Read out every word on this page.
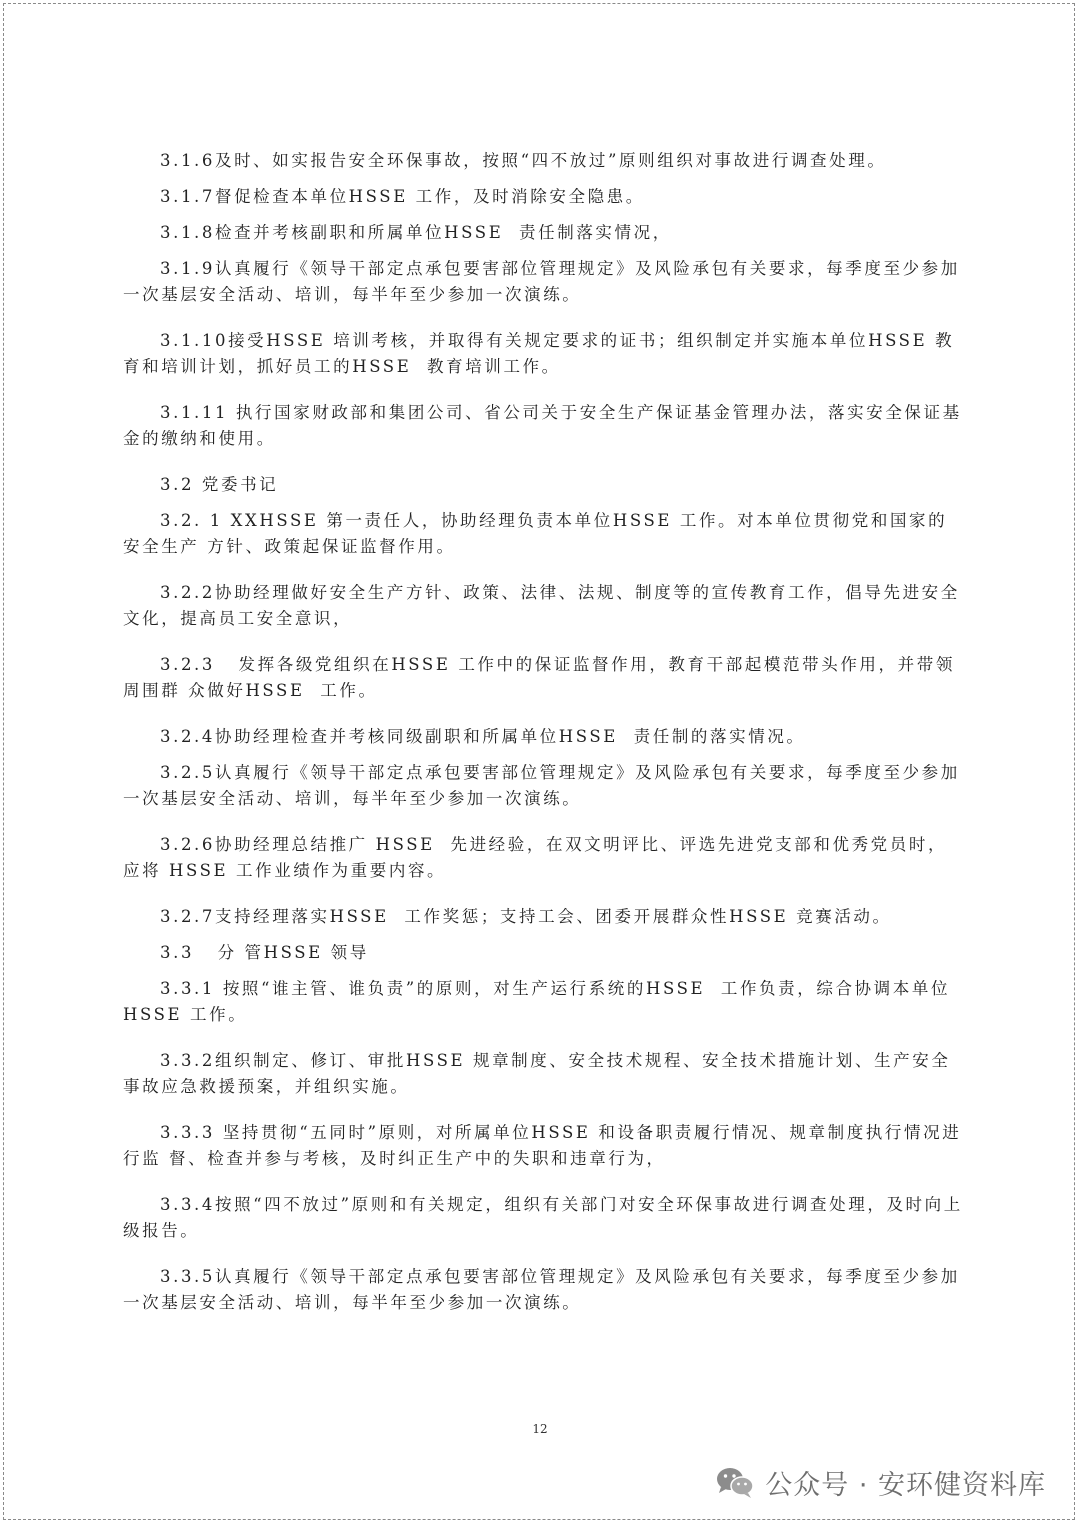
3.1.6及时、如实报告安全环保事故，按照“四不放过”原则组织对事故进行调查处理。

3.1.7督促检查本单位HSSE 工作，及时消除安全隐患。

3.1.8检查并考核副职和所属单位HSSE  责任制落实情况，

3.1.9认真履行《领导干部定点承包要害部位管理规定》及风险承包有关要求，每季度至少参加一次基层安全活动、培训，每半年至少参加一次演练。

3.1.10接受HSSE 培训考核，并取得有关规定要求的证书；组织制定并实施本单位HSSE 教育和培训计划，抓好员工的HSSE  教育培训工作。

3.1.11 执行国家财政部和集团公司、省公司关于安全生产保证基金管理办法，落实安全保证基金的缴纳和使用。

3.2 党委书记

3.2. 1 XXHSSE 第一责任人，协助经理负责本单位HSSE 工作。对本单位贯彻党和国家的安全生产 方针、政策起保证监督作用。

3.2.2协助经理做好安全生产方针、政策、法律、法规、制度等的宣传教育工作，倡导先进安全文化，提高员工安全意识，

3.2.3   发挥各级党组织在HSSE 工作中的保证监督作用，教育干部起模范带头作用，并带领周围群 众做好HSSE  工作。

3.2.4协助经理检查并考核同级副职和所属单位HSSE  责任制的落实情况。

3.2.5认真履行《领导干部定点承包要害部位管理规定》及风险承包有关要求，每季度至少参加一次基层安全活动、培训，每半年至少参加一次演练。

3.2.6协助经理总结推广 HSSE  先进经验，在双文明评比、评选先进党支部和优秀党员时，应将 HSSE 工作业绩作为重要内容。

3.2.7支持经理落实HSSE  工作奖惩；支持工会、团委开展群众性HSSE 竞赛活动。

3.3   分 管HSSE 领导

3.3.1 按照“谁主管、谁负责”的原则，对生产运行系统的HSSE  工作负责，综合协调本单位HSSE 工作。

3.3.2组织制定、修订、审批HSSE 规章制度、安全技术规程、安全技术措施计划、生产安全事故应急救援预案，并组织实施。

3.3.3 坚持贯彻“五同时”原则，对所属单位HSSE 和设备职责履行情况、规章制度执行情况进行监 督、检查并参与考核，及时纠正生产中的失职和违章行为，

3.3.4按照“四不放过”原则和有关规定，组织有关部门对安全环保事故进行调查处理，及时向上级报告。

3.3.5认真履行《领导干部定点承包要害部位管理规定》及风险承包有关要求，每季度至少参加一次基层安全活动、培训，每半年至少参加一次演练。

12
公众号 · 安环健资料库
